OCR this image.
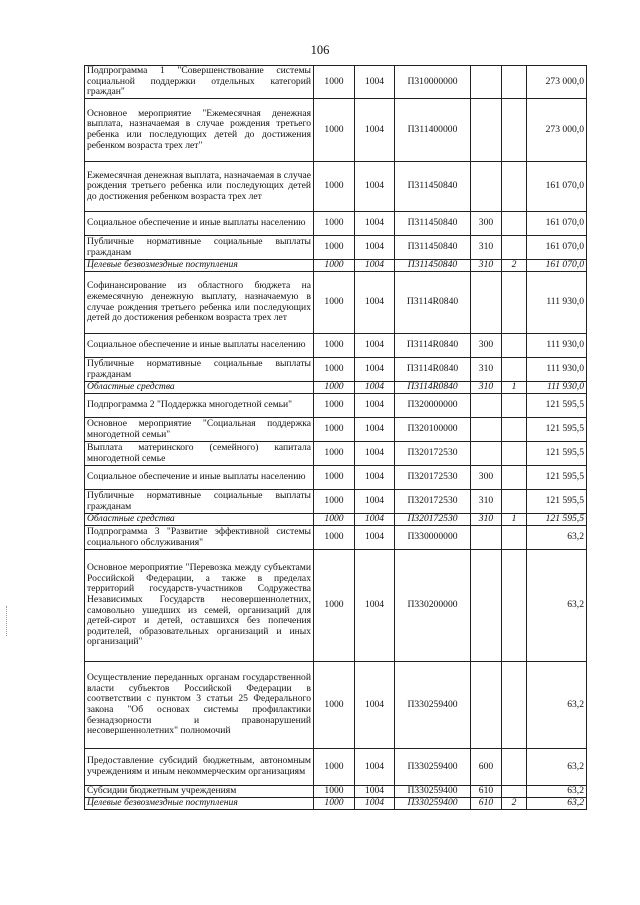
106
Подпрограмма 1 "Совершенствование системы социальной поддержки отдельных категорий граждан"	1000	1004	П310000000			273 000,0
Основное мероприятие "Ежемесячная денежная выплата, назначаемая в случае рождения третьего ребенка или последующих детей до достижения ребенком возраста трех лет"	1000	1004	П311400000			273 000,0
Ежемесячная денежная выплата, назначаемая в случае рождения третьего ребенка или последующих детей до достижения ребенком возраста трех лет	1000	1004	П311450840			161 070,0
Социальное обеспечение и иные выплаты населению	1000	1004	П311450840	300		161 070,0
Публичные нормативные социальные выплаты гражданам	1000	1004	П311450840	310		161 070,0
Целевые безвозмездные поступления	1000	1004	П311450840	310	2	161 070,0
Софинансирование из областного бюджета на ежемесячную денежную выплату, назначаемую в случае рождения третьего ребенка или последующих детей до достижения ребенком возраста трех лет	1000	1004	П3114R0840			111 930,0
Социальное обеспечение и иные выплаты населению	1000	1004	П3114R0840	300		111 930,0
Публичные нормативные социальные выплаты гражданам	1000	1004	П3114R0840	310		111 930,0
Областные средства	1000	1004	П3114R0840	310	1	111 930,0
Подпрограмма 2 "Поддержка многодетной семьи"	1000	1004	П320000000			121 595,5
Основное мероприятие "Социальная поддержка многодетной семьи"	1000	1004	П320100000			121 595,5
Выплата материнского (семейного) капитала многодетной семье	1000	1004	П320172530			121 595,5
Социальное обеспечение и иные выплаты населению	1000	1004	П320172530	300		121 595,5
Публичные нормативные социальные выплаты гражданам	1000	1004	П320172530	310		121 595,5
Областные средства	1000	1004	П320172530	310	1	121 595,5
Подпрограмма 3 "Развитие эффективной системы социального обслуживания"	1000	1004	П330000000			63,2
Основное мероприятие "Перевозка между субъектами Российской Федерации, а также в пределах территорий государств-участников Содружества Независимых Государств несовершеннолетних, самовольно ушедших из семей, организаций для детей-сирот и детей, оставшихся без попечения родителей, образовательных организаций и иных организаций"	1000	1004	П330200000			63,2
Осуществление переданных органам государственной власти субъектов Российской Федерации в соответствии с пунктом 3 статьи 25 Федерального закона "Об основах системы профилактики безнадзорности и правонарушений несовершеннолетних" полномочий	1000	1004	П330259400			63,2
Предоставление субсидий бюджетным, автономным учреждениям и иным некоммерческим организациям	1000	1004	П330259400	600		63,2
Субсидии бюджетным учреждениям	1000	1004	П330259400	610		63,2
Целевые безвозмездные поступления	1000	1004	П330259400	610	2	63,2
